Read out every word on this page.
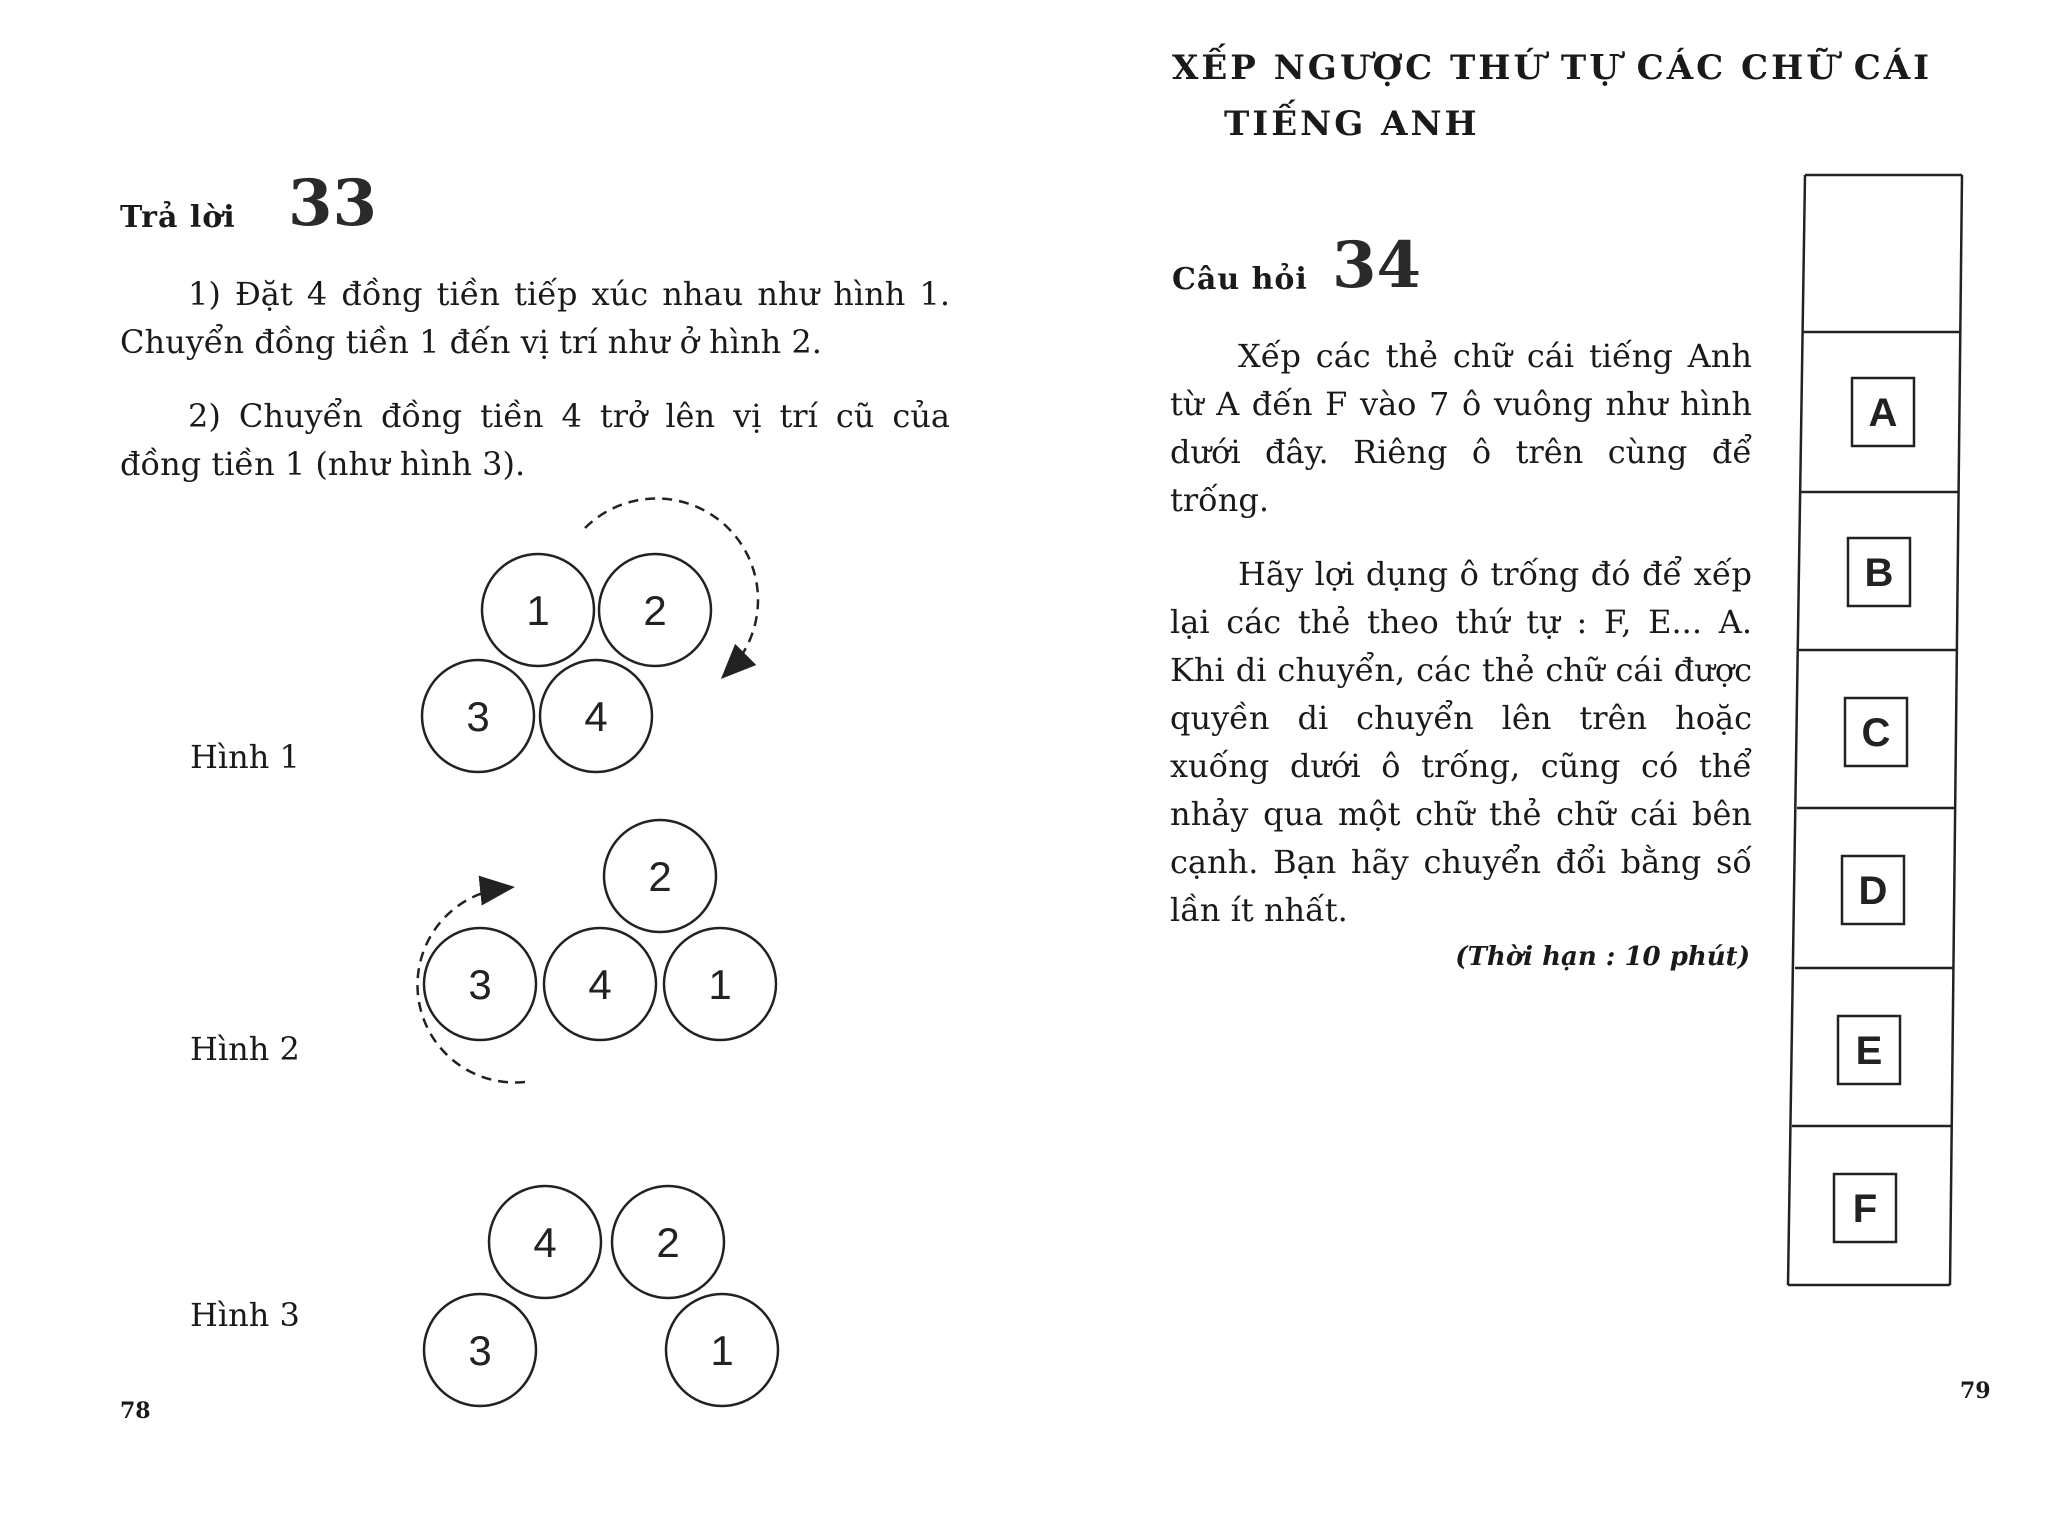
Trả lời 33
1) Đặt 4 đồng tiền tiếp xúc nhau như hình 1. Chuyển đồng tiền 1 đến vị trí như ở hình 2.
2) Chuyển đồng tiền 4 trở lên vị trí cũ của đồng tiền 1 (như hình 3).
Hình 1
Hình 2
Hình 3
78
1 2
3 4
2
3 4 1
4 2
3	1
A
B
C
D
E
F
XẾP NGƯỢC THỨ TỰ CÁC CHỮ CÁI
TIẾNG ANH
Câu hỏi 34
Xếp các thẻ chữ cái tiếng Anh từ A đến F vào 7 ô vuông như hình dưới đây. Riêng ô trên cùng để trống.
Hãy lợi dụng ô trống đó để xếp lại các thẻ theo thứ tự : F, E... A. Khi di chuyển, các thẻ chữ cái được quyền di chuyển lên trên hoặc xuống dưới ô trống, cũng có thể nhảy qua một chữ thẻ chữ cái bên cạnh. Bạn hãy chuyển đổi bằng số lần ít nhất.
(Thời hạn : 10 phút)
79
